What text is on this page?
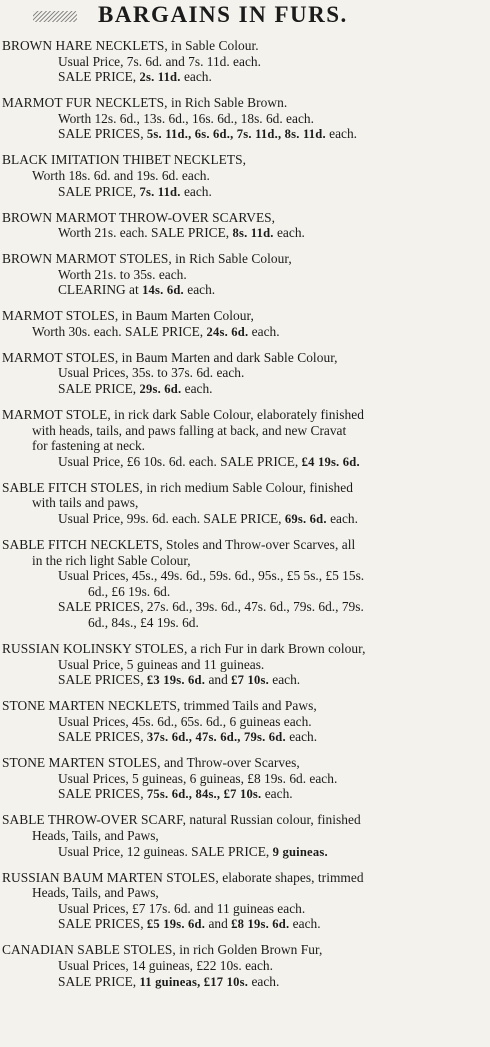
BARGAINS IN FURS.
BROWN HARE NECKLETS, in Sable Colour.
Usual Price, 7s. 6d. and 7s. 11d. each.
SALE PRICE, 2s. 11d. each.
MARMOT FUR NECKLETS, in Rich Sable Brown.
Worth 12s. 6d., 13s. 6d., 16s. 6d., 18s. 6d. each.
SALE PRICES, 5s. 11d., 6s. 6d., 7s. 11d., 8s. 11d. each.
BLACK IMITATION THIBET NECKLETS,
Worth 18s. 6d. and 19s. 6d. each.
SALE PRICE, 7s. 11d. each.
BROWN MARMOT THROW-OVER SCARVES,
Worth 21s. each. SALE PRICE, 8s. 11d. each.
BROWN MARMOT STOLES, in Rich Sable Colour,
Worth 21s. to 35s. each.
CLEARING at 14s. 6d. each.
MARMOT STOLES, in Baum Marten Colour,
Worth 30s. each. SALE PRICE, 24s. 6d. each.
MARMOT STOLES, in Baum Marten and dark Sable Colour,
Usual Prices, 35s. to 37s. 6d. each.
SALE PRICE, 29s. 6d. each.
MARMOT STOLE, in rick dark Sable Colour, elaborately finished
with heads, tails, and paws falling at back, and new Cravat
for fastening at neck.
Usual Price, £6 10s. 6d. each. SALE PRICE, £4 19s. 6d.
SABLE FITCH STOLES, in rich medium Sable Colour, finished
with tails and paws,
Usual Price, 99s. 6d. each. SALE PRICE, 69s. 6d. each.
SABLE FITCH NECKLETS, Stoles and Throw-over Scarves, all
in the rich light Sable Colour,
Usual Prices, 45s., 49s. 6d., 59s. 6d., 95s., £5 5s., £5 15s.
6d., £6 19s. 6d.
SALE PRICES, 27s. 6d., 39s. 6d., 47s. 6d., 79s. 6d., 79s.
6d., 84s., £4 19s. 6d.
RUSSIAN KOLINSKY STOLES, a rich Fur in dark Brown colour,
Usual Price, 5 guineas and 11 guineas.
SALE PRICES, £3 19s. 6d. and £7 10s. each.
STONE MARTEN NECKLETS, trimmed Tails and Paws,
Usual Prices, 45s. 6d., 65s. 6d., 6 guineas each.
SALE PRICES, 37s. 6d., 47s. 6d., 79s. 6d. each.
STONE MARTEN STOLES, and Throw-over Scarves,
Usual Prices, 5 guineas, 6 guineas, £8 19s. 6d. each.
SALE PRICES, 75s. 6d., 84s., £7 10s. each.
SABLE THROW-OVER SCARF, natural Russian colour, finished
Heads, Tails, and Paws,
Usual Price, 12 guineas. SALE PRICE, 9 guineas.
RUSSIAN BAUM MARTEN STOLES, elaborate shapes, trimmed
Heads, Tails, and Paws,
Usual Prices, £7 17s. 6d. and 11 guineas each.
SALE PRICES, £5 19s. 6d. and £8 19s. 6d. each.
CANADIAN SABLE STOLES, in rich Golden Brown Fur,
Usual Prices, 14 guineas, £22 10s. each.
SALE PRICE, 11 guineas, £17 10s. each.
